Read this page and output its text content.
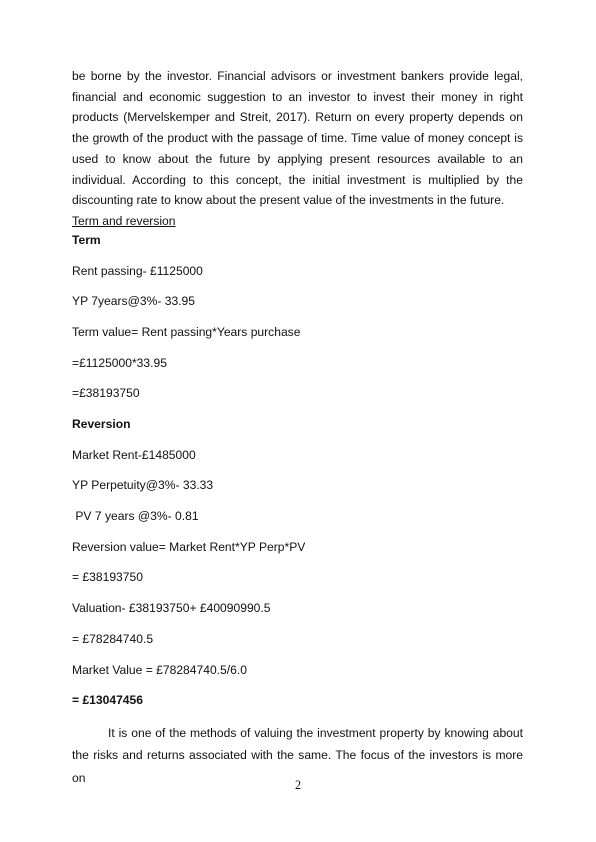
be borne by the investor. Financial advisors or investment bankers provide legal, financial and economic suggestion to an investor to invest their money in right products (Mervelskemper and Streit, 2017). Return on every property depends on the growth of the product with the passage of time. Time value of money concept is used to know about the future by applying present resources available to an individual. According to this concept, the initial investment is multiplied by the discounting rate to know about the present value of the investments in the future.

Term and reversion

Term

Rent passing- £1125000

YP 7years@3%- 33.95

Term value= Rent passing*Years purchase

=£1125000*33.95

=£38193750

Reversion

Market Rent-£1485000

YP Perpetuity@3%- 33.33

PV 7 years @3%- 0.81

Reversion value= Market Rent*YP Perp*PV

= £38193750

Valuation- £38193750+ £40090990.5

= £78284740.5

Market Value = £78284740.5/6.0

= £13047456

It is one of the methods of valuing the investment property by knowing about the risks and returns associated with the same. The focus of the investors is more on

2
